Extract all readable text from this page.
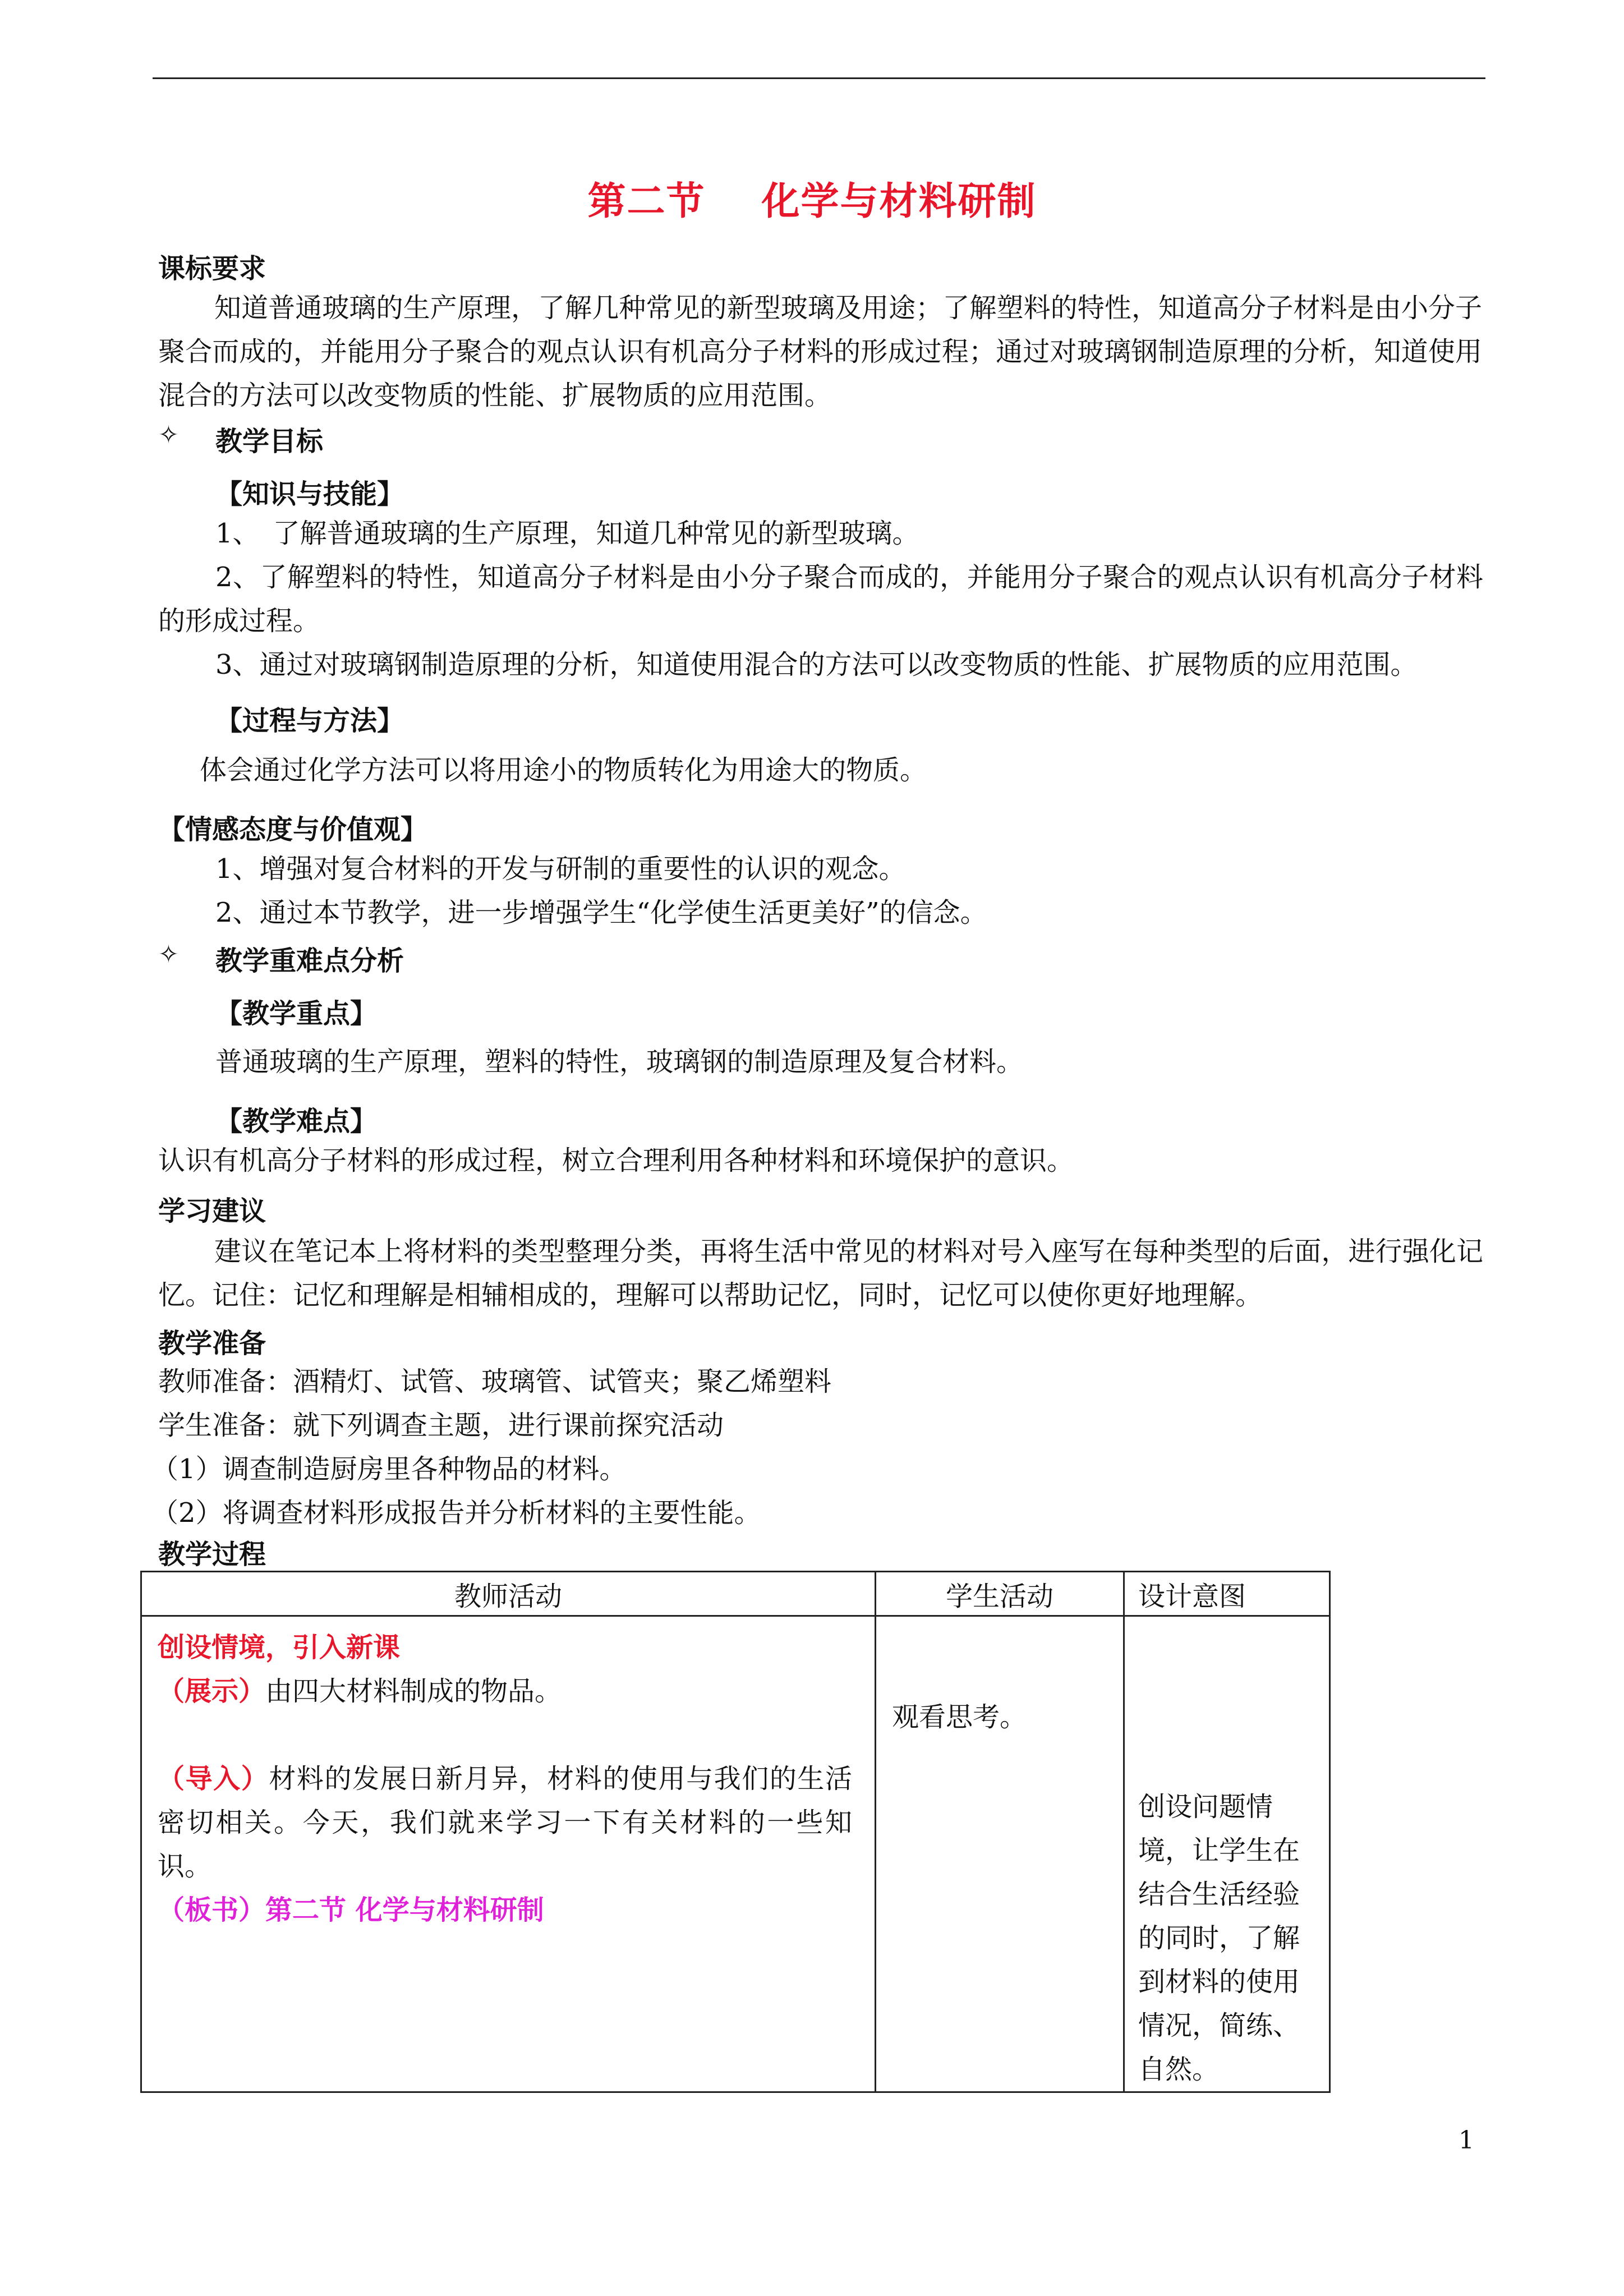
第二节 化学与材料研制
课标要求
知道普通玻璃的生产原理，了解几种常见的新型玻璃及用途；了解塑料的特性，知道高分子材料是由小分子聚合而成的，并能用分子聚合的观点认识有机高分子材料的形成过程；通过对玻璃钢制造原理的分析，知道使用混合的方法可以改变物质的性能、扩展物质的应用范围。
✧ 教学目标
【知识与技能】
1、　了解普通玻璃的生产原理，知道几种常见的新型玻璃。
2、了解塑料的特性，知道高分子材料是由小分子聚合而成的，并能用分子聚合的观点认识有机高分子材料的形成过程。
3、通过对玻璃钢制造原理的分析，知道使用混合的方法可以改变物质的性能、扩展物质的应用范围。
【过程与方法】
体会通过化学方法可以将用途小的物质转化为用途大的物质。
【情感态度与价值观】
1、增强对复合材料的开发与研制的重要性的认识的观念。
2、通过本节教学，进一步增强学生“化学使生活更美好”的信念。
✧ 教学重难点分析
【教学重点】
普通玻璃的生产原理，塑料的特性，玻璃钢的制造原理及复合材料。
【教学难点】
认识有机高分子材料的形成过程，树立合理利用各种材料和环境保护的意识。
学习建议
建议在笔记本上将材料的类型整理分类，再将生活中常见的材料对号入座写在每种类型的后面，进行强化记忆。记住：记忆和理解是相辅相成的，理解可以帮助记忆，同时，记忆可以使你更好地理解。
教学准备
教师准备：酒精灯、试管、玻璃管、试管夹；聚乙烯塑料
学生准备：就下列调查主题，进行课前探究活动
（1）调查制造厨房里各种物品的材料。
（2）将调查材料形成报告并分析材料的主要性能。
教学过程
教师活动	学生活动	设计意图

创设情境，引入新课
（展示）由四大材料制成的物品。
（导入）材料的发展日新月异，材料的使用与我们的生活密切相关。今天，我们就来学习一下有关材料的一些知识。
（板书）第二节 化学与材料研制	观看思考。	创设问题情境，让学生在结合生活经验的同时，了解到材料的使用情况，简练、自然。
1
